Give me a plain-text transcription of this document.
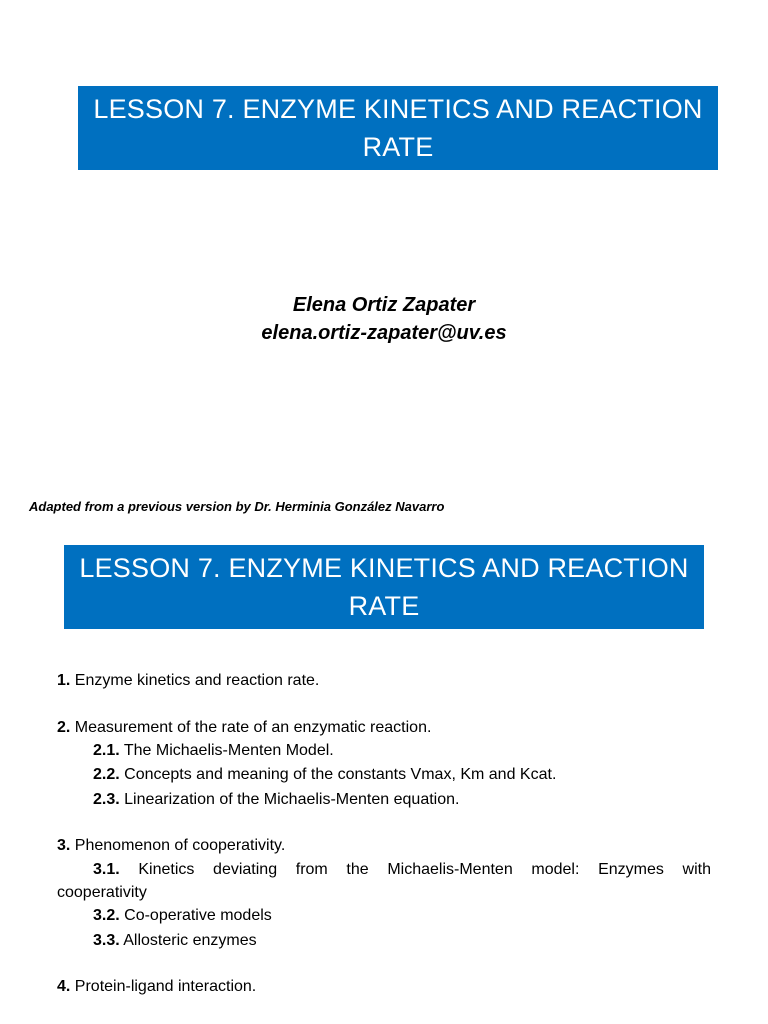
LESSON 7. ENZYME KINETICS AND REACTION RATE
Elena Ortiz Zapater
elena.ortiz-zapater@uv.es
Adapted from a previous version by Dr. Herminia González Navarro
LESSON 7. ENZYME KINETICS AND REACTION RATE
1. Enzyme kinetics and reaction rate.
2. Measurement of the rate of an enzymatic reaction.
2.1. The Michaelis-Menten Model.
2.2. Concepts and meaning of the constants Vmax, Km and Kcat.
2.3. Linearization of the Michaelis-Menten equation.
3. Phenomenon of cooperativity.
3.1. Kinetics deviating from the Michaelis-Menten model: Enzymes with
cooperativity
3.2. Co-operative models
3.3. Allosteric enzymes
4. Protein-ligand interaction.
